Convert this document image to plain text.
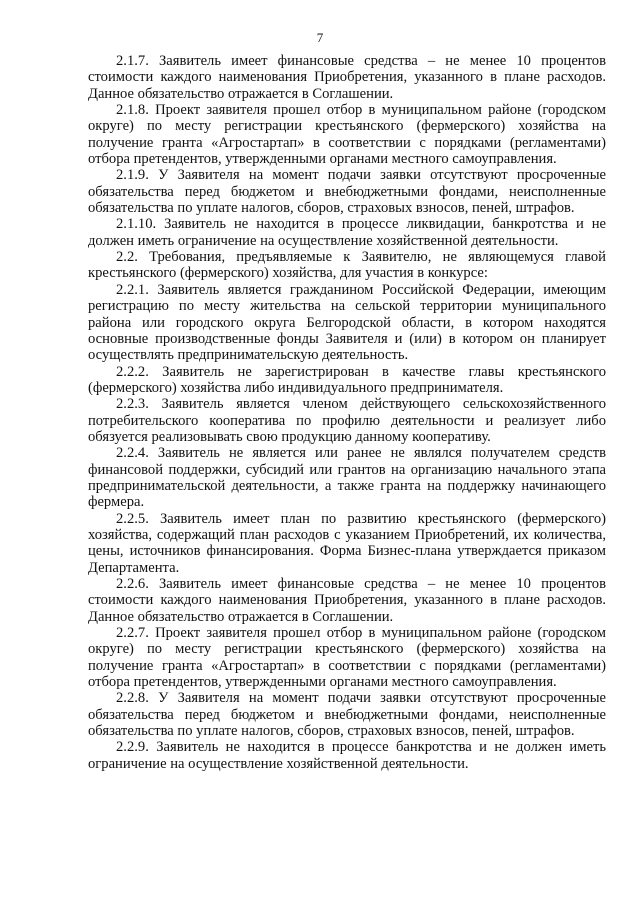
7

2.1.7. Заявитель имеет финансовые средства – не менее 10 процентов стоимости каждого наименования Приобретения, указанного в плане расходов. Данное обязательство отражается в Соглашении.

2.1.8. Проект заявителя прошел отбор в муниципальном районе (городском округе) по месту регистрации крестьянского (фермерского) хозяйства на получение гранта «Агростартап» в соответствии с порядками (регламентами) отбора претендентов, утвержденными органами местного самоуправления.

2.1.9. У Заявителя на момент подачи заявки отсутствуют просроченные обязательства перед бюджетом и внебюджетными фондами, неисполненные обязательства по уплате налогов, сборов, страховых взносов, пеней, штрафов.

2.1.10. Заявитель не находится в процессе ликвидации, банкротства и не должен иметь ограничение на осуществление хозяйственной деятельности.

2.2. Требования, предъявляемые к Заявителю, не являющемуся главой крестьянского (фермерского) хозяйства, для участия в конкурсе:

2.2.1. Заявитель является гражданином Российской Федерации, имеющим регистрацию по месту жительства на сельской территории муниципального района или городского округа Белгородской области, в котором находятся основные производственные фонды Заявителя и (или) в котором он планирует осуществлять предпринимательскую деятельность.

2.2.2. Заявитель не зарегистрирован в качестве главы крестьянского (фермерского) хозяйства либо индивидуального предпринимателя.

2.2.3. Заявитель является членом действующего сельскохозяйственного потребительского кооператива по профилю деятельности и реализует либо обязуется реализовывать свою продукцию данному кооперативу.

2.2.4. Заявитель не является или ранее не являлся получателем средств финансовой поддержки, субсидий или грантов на организацию начального этапа предпринимательской деятельности, а также гранта на поддержку начинающего фермера.

2.2.5. Заявитель имеет план по развитию крестьянского (фермерского) хозяйства, содержащий план расходов с указанием Приобретений, их количества, цены, источников финансирования. Форма Бизнес-плана утверждается приказом Департамента.

2.2.6. Заявитель имеет финансовые средства – не менее 10 процентов стоимости каждого наименования Приобретения, указанного в плане расходов. Данное обязательство отражается в Соглашении.

2.2.7. Проект заявителя прошел отбор в муниципальном районе (городском округе) по месту регистрации крестьянского (фермерского) хозяйства на получение гранта «Агростартап» в соответствии с порядками (регламентами) отбора претендентов, утвержденными органами местного самоуправления.

2.2.8. У Заявителя на момент подачи заявки отсутствуют просроченные обязательства перед бюджетом и внебюджетными фондами, неисполненные обязательства по уплате налогов, сборов, страховых взносов, пеней, штрафов.

2.2.9. Заявитель не находится в процессе банкротства и не должен иметь ограничение на осуществление хозяйственной деятельности.
